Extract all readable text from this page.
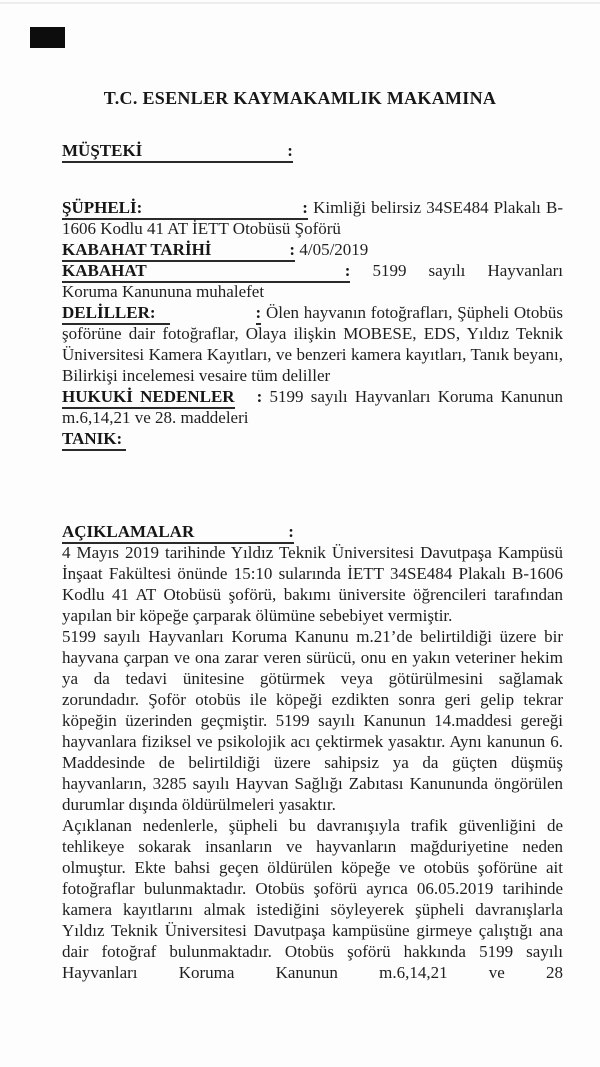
T.C. ESENLER KAYMAKAMLIK MAKAMINA

MÜŞTEKİ	:

ŞÜPHELİ:	: Kimliği belirsiz 34SE484 Plakalı B-1606 Kodlu 41 AT İETT Otobüsü Şoförü

KABAHAT TARİHİ	: 4/05/2019

KABAHAT	: 5199 sayılı Hayvanları Koruma Kanununa muhalefet

DELİLLER:	: Ölen hayvanın fotoğrafları, Şüpheli Otobüs şoförüne dair fotoğraflar, Olaya ilişkin MOBESE, EDS, Yıldız Teknik Üniversitesi Kamera Kayıtları, ve benzeri kamera kayıtları, Tanık beyanı, Bilirkişi incelemesi vesaire tüm deliller

HUKUKİ NEDENLER : 5199 sayılı Hayvanları Koruma Kanunun m.6,14,21 ve 28. maddeleri

TANIK:

AÇIKLAMALAR	:

4 Mayıs 2019 tarihinde Yıldız Teknik Üniversitesi Davutpaşa Kampüsü İnşaat Fakültesi önünde 15:10 sularında İETT 34SE484 Plakalı B-1606 Kodlu 41 AT Otobüsü şoförü, bakımı üniversite öğrencileri tarafından yapılan bir köpeğe çarparak ölümüne sebebiyet vermiştir.

5199 sayılı Hayvanları Koruma Kanunu m.21’de belirtildiği üzere bir hayvana çarpan ve ona zarar veren sürücü, onu en yakın veteriner hekim ya da tedavi ünitesine götürmek veya götürülmesini sağlamak zorundadır. Şoför otobüs ile köpeği ezdikten sonra geri gelip tekrar köpeğin üzerinden geçmiştir. 5199 sayılı Kanunun 14.maddesi gereği hayvanlara fiziksel ve psikolojik acı çektirmek yasaktır. Aynı kanunun 6. Maddesinde de belirtildiği üzere sahipsiz ya da güçten düşmüş hayvanların, 3285 sayılı Hayvan Sağlığı Zabıtası Kanununda öngörülen durumlar dışında öldürülmeleri yasaktır.

Açıklanan nedenlerle, şüpheli bu davranışıyla trafik güvenliğini de tehlikeye sokarak insanların ve hayvanların mağduriyetine neden olmuştur. Ekte bahsi geçen öldürülen köpeğe ve otobüs şoförüne ait fotoğraflar bulunmaktadır. Otobüs şoförü ayrıca 06.05.2019 tarihinde kamera kayıtlarını almak istediğini söyleyerek şüpheli davranışlarla Yıldız Teknik Üniversitesi Davutpaşa kampüsüne girmeye çalıştığı ana dair fotoğraf bulunmaktadır. Otobüs şoförü hakkında 5199 sayılı Hayvanları Koruma Kanunun m.6,14,21 ve 28
